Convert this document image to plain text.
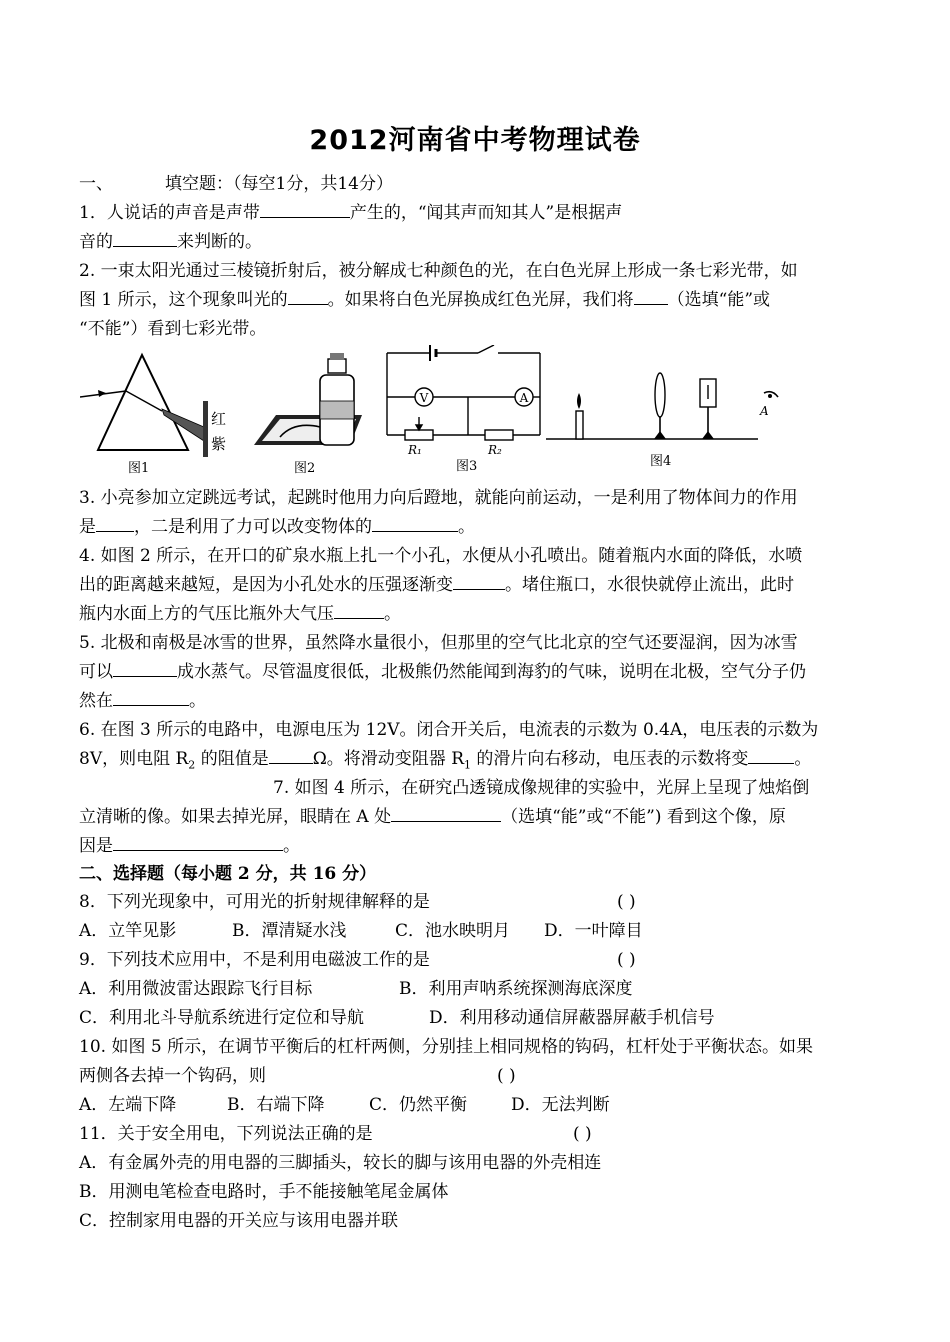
2012河南省中考物理试卷
一、	填空题：（每空1分，共14分）
1．人说话的声音是声带	产生的，“闻其声而知其人”是根据声
音的	来判断的。
2. 一束太阳光通过三棱镜折射后，被分解成七种颜色的光，在白色光屏上形成一条七彩光带，如
图 1 所示，这个现象叫光的 。如果将白色光屏换成红色光屏，我们将 （选填“能”或
“不能”）看到七彩光带。
红
紫
图1	图2
V	A
R₁	R₂
图3
A
图4
3. 小亮参加立定跳远考试，起跳时他用力向后蹬地，就能向前运动，一是利用了物体间力的作用
是 ，二是利用了力可以改变物体的	。
4. 如图 2 所示，在开口的矿泉水瓶上扎一个小孔，水便从小孔喷出。随着瓶内水面的降低，水喷
出的距离越来越短，是因为小孔处水的压强逐渐变	。堵住瓶口，水很快就停止流出，此时
瓶内水面上方的气压比瓶外大气压	。
5. 北极和南极是冰雪的世界，虽然降水量很小，但那里的空气比北京的空气还要湿润，因为冰雪
可以	成水蒸气。尽管温度很低，北极熊仍然能闻到海豹的气味，说明在北极，空气分子仍
然在	。
6. 在图 3 所示的电路中，电源电压为 12V。闭合开关后，电流表的示数为 0.4A，电压表的示数为
8V，则电阻 $R_2$ 的阻值是	Ω。将滑动变阻器 $R_1$ 的滑片向右移动，电压表的示数将变	。
7. 如图 4 所示，在研究凸透镜成像规律的实验中，光屏上呈现了烛焰倒
立清晰的像。如果去掉光屏，眼睛在 A 处	（选填“能”或“不能”) 看到这个像，原
因是	。
二、选择题（每小题 2 分，共 16 分）
8．下列光现象中，可用光的折射规律解释的是	( )
A．立竿见影	B．潭清疑水浅	C．池水映明月 D．一叶障目
9．下列技术应用中，不是利用电磁波工作的是	( )
A．利用微波雷达跟踪飞行目标	B．利用声呐系统探测海底深度
C．利用北斗导航系统进行定位和导航	D．利用移动通信屏蔽器屏蔽手机信号
10. 如图 5 所示，在调节平衡后的杠杆两侧，分别挂上相同规格的钩码，杠杆处于平衡状态。如果
两侧各去掉一个钩码，则	( )
A．左端下降	B．右端下降	C．仍然平衡	D．无法判断
11．关于安全用电，下列说法正确的是	( )
A．有金属外壳的用电器的三脚插头，较长的脚与该用电器的外壳相连
B．用测电笔检查电路时，手不能接触笔尾金属体
C．控制家用电器的开关应与该用电器并联
